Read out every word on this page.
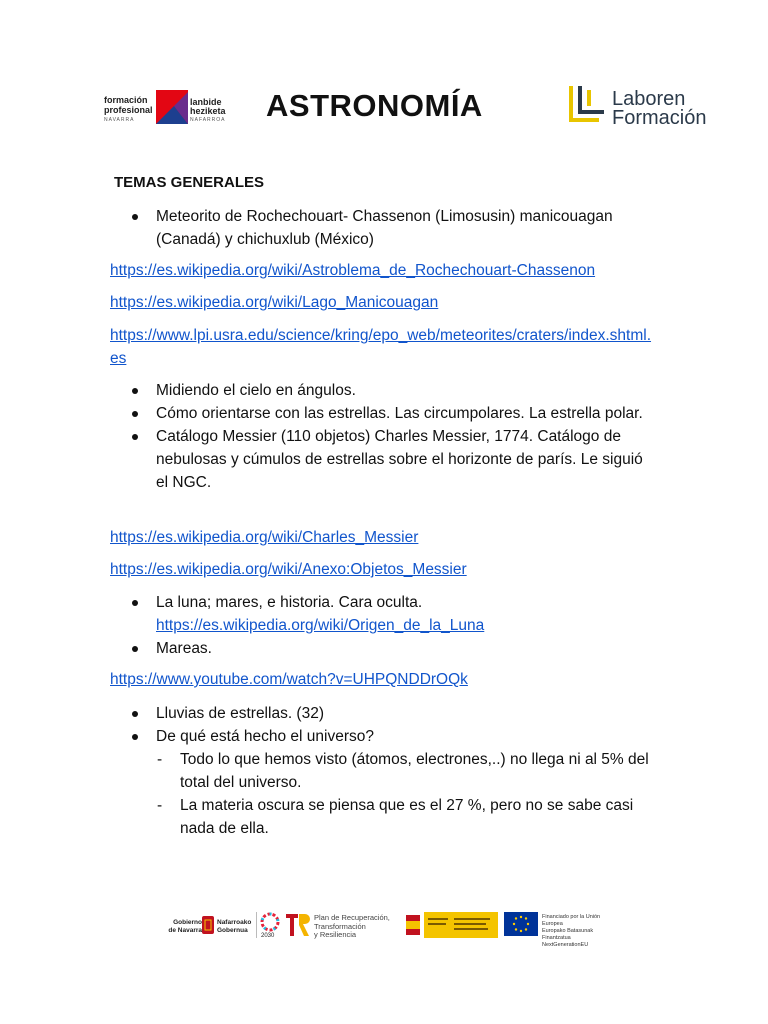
formación
profesional
NAVARRA
lanbide
heziketa
NAFARROA ASTRONOMÍA	Laboren
Formación
TEMAS GENERALES
Meteorito de Rochechouart- Chassenon (Limosusin) manicouagan (Canadá) y chichuxlub (México)
https://es.wikipedia.org/wiki/Astroblema_de_Rochechouart-Chassenon
https://es.wikipedia.org/wiki/Lago_Manicouagan
https://www.lpi.usra.edu/science/kring/epo_web/meteorites/craters/index.shtml.es
Midiendo el cielo en ángulos.
Cómo orientarse con las estrellas. Las circumpolares. La estrella polar.
Catálogo Messier (110 objetos) Charles Messier, 1774. Catálogo de nebulosas y cúmulos de estrellas sobre el horizonte de parís. Le siguió el NGC.
https://es.wikipedia.org/wiki/Charles_Messier
https://es.wikipedia.org/wiki/Anexo:Objetos_Messier
La luna; mares, e historia. Cara oculta.
https://es.wikipedia.org/wiki/Origen_de_la_Luna
Mareas.
https://www.youtube.com/watch?v=UHPQNDDrOQk
Lluvias de estrellas. (32)
De qué está hecho el universo?
- Todo lo que hemos visto (átomos, electrones,..) no llega ni al 5% del total del universo.
- La materia oscura se piensa que es el 27 %, pero no se sabe casi nada de ella.
Gobierno
de Navarra
Nafarroako
Gobernua
2030
Plan de Recuperación,
Transformación
y Resiliencia
Financiado por la Unión Europea
Europako Batasunak Finantzatua
NextGenerationEU
